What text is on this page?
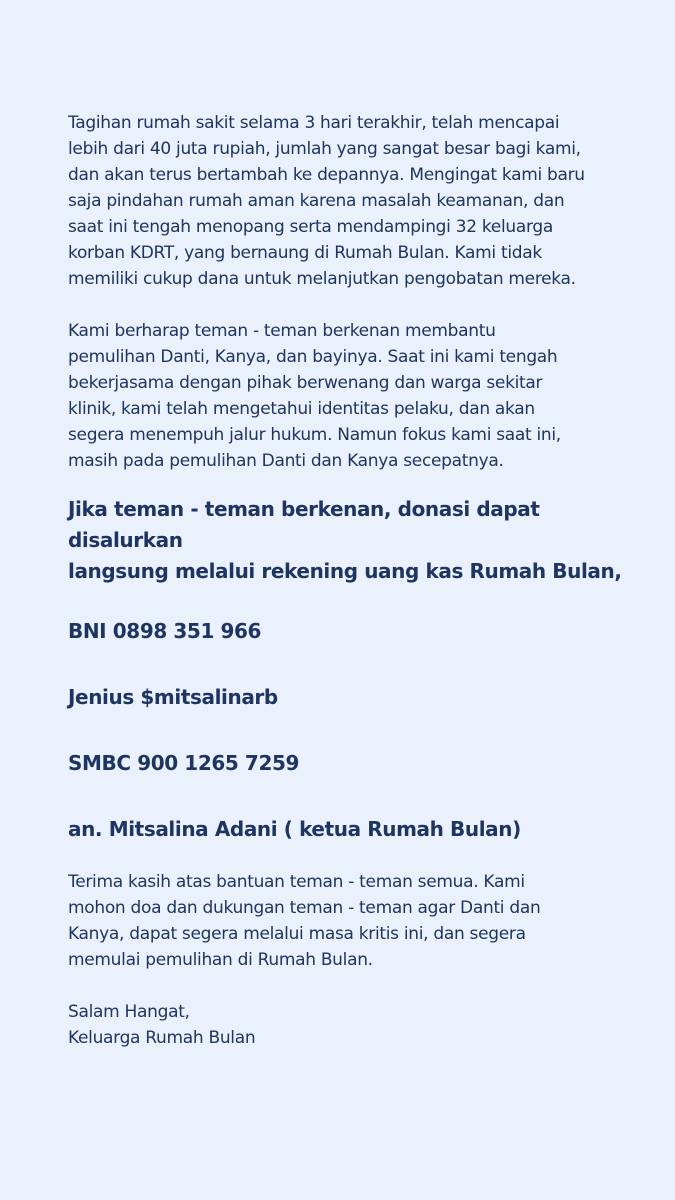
Tagihan rumah sakit selama 3 hari terakhir, telah mencapai
lebih dari 40 juta rupiah, jumlah yang sangat besar bagi kami,
dan akan terus bertambah ke depannya. Mengingat kami baru
saja pindahan rumah aman karena masalah keamanan, dan
saat ini tengah menopang serta mendampingi 32 keluarga
korban KDRT, yang bernaung di Rumah Bulan. Kami tidak
memiliki cukup dana untuk melanjutkan pengobatan mereka.

Kami berharap teman - teman berkenan membantu
pemulihan Danti, Kanya, dan bayinya. Saat ini kami tengah
bekerjasama dengan pihak berwenang dan warga sekitar
klinik, kami telah mengetahui identitas pelaku, dan akan
segera menempuh jalur hukum. Namun fokus kami saat ini,
masih pada pemulihan Danti dan Kanya secepatnya.

Jika teman - teman berkenan, donasi dapat disalurkan
langsung melalui rekening uang kas Rumah Bulan,

BNI 0898 351 966

Jenius $mitsalinarb

SMBC 900 1265 7259

an. Mitsalina Adani ( ketua Rumah Bulan)

Terima kasih atas bantuan teman - teman semua. Kami
mohon doa dan dukungan teman - teman agar Danti dan
Kanya, dapat segera melalui masa kritis ini, dan segera
memulai pemulihan di Rumah Bulan.

Salam Hangat,
Keluarga Rumah Bulan
